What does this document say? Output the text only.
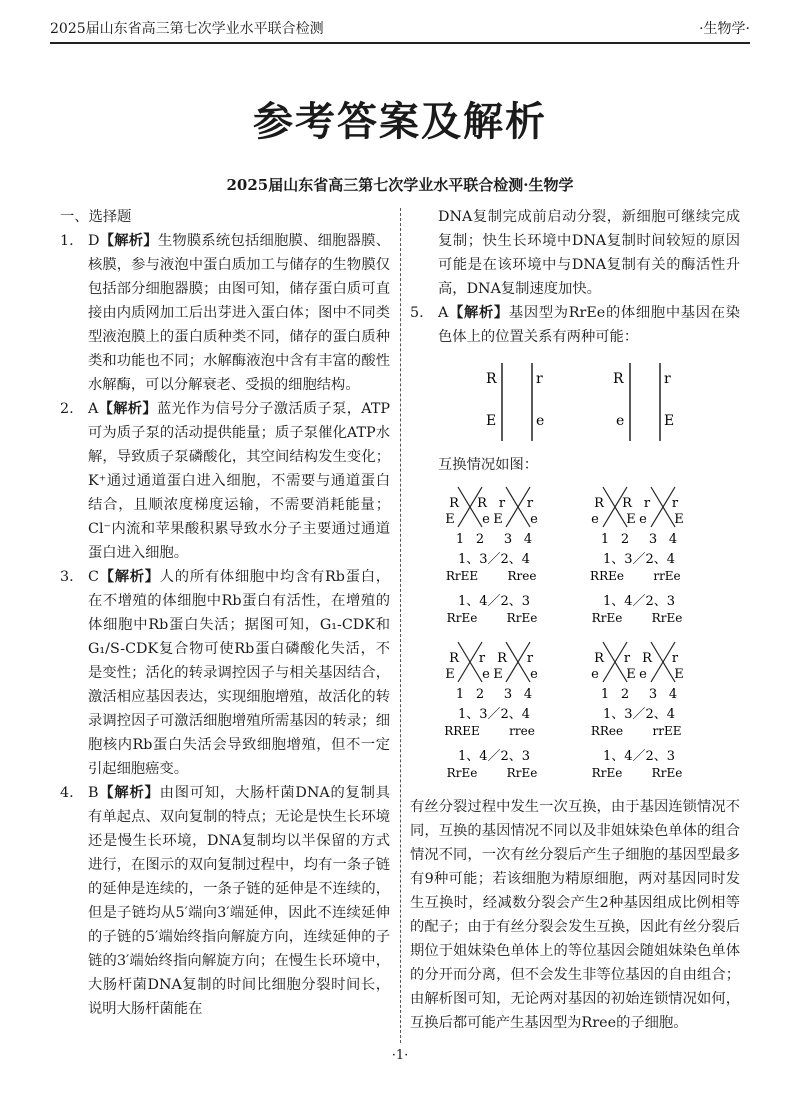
2025届山东省高三第七次学业水平联合检测	·生物学·
参考答案及解析
2025届山东省高三第七次学业水平联合检测·生物学
一、选择题
1.	D【解析】生物膜系统包括细胞膜、细胞器膜、核膜，参与液泡中蛋白质加工与储存的生物膜仅包括部分细胞器膜；由图可知，储存蛋白质可直接由内质网加工后出芽进入蛋白体；图中不同类型液泡膜上的蛋白质种类不同，储存的蛋白质种类和功能也不同；水解酶液泡中含有丰富的酸性水解酶，可以分解衰老、受损的细胞结构。
2.	A【解析】蓝光作为信号分子激活质子泵，ATP可为质子泵的活动提供能量；质子泵催化ATP水解，导致质子泵磷酸化，其空间结构发生变化；K⁺通过通道蛋白进入细胞，不需要与通道蛋白结合，且顺浓度梯度运输，不需要消耗能量；Cl⁻内流和苹果酸积累导致水分子主要通过通道蛋白进入细胞。
3.	C【解析】人的所有体细胞中均含有Rb蛋白，在不增殖的体细胞中Rb蛋白有活性，在增殖的体细胞中Rb蛋白失活；据图可知，G₁-CDK和G₁/S-CDK复合物可使Rb蛋白磷酸化失活，不是变性；活化的转录调控因子与相关基因结合，激活相应基因表达，实现细胞增殖，故活化的转录调控因子可激活细胞增殖所需基因的转录；细胞核内Rb蛋白失活会导致细胞增殖，但不一定引起细胞癌变。
4.	B【解析】由图可知，大肠杆菌DNA的复制具有单起点、双向复制的特点；无论是快生长环境还是慢生长环境，DNA复制均以半保留的方式进行，在图示的双向复制过程中，均有一条子链的延伸是连续的，一条子链的延伸是不连续的，但是子链均从5′端向3′端延伸，因此不连续延伸的子链的5′端始终指向解旋方向，连续延伸的子链的3′端始终指向解旋方向；在慢生长环境中，大肠杆菌DNA复制的时间比细胞分裂时间长，说明大肠杆菌能在
DNA复制完成前启动分裂，新细胞可继续完成复制；快生长环境中DNA复制时间较短的原因可能是在该环境中与DNA复制有关的酶活性升高，DNA复制速度加快。
5.	A【解析】基因型为RrEe的体细胞中基因在染色体上的位置关系有两种可能：
R
E
r
e
R
e
r
E
互换情况如图：
R R r r
E e E e
1 2 3 4
1、3／2、4
RrEE Rree
1、4／2、3
RrEe RrEe
R R r r
e E e E
1 2 3 4
1、3／2、4
RREe rrEe
1、4／2、3
RrEe RrEe
R r R r
E e E e
1 2 3 4
1、3／2、4
RREE rree
1、4／2、3
RrEe RrEe
R r R r
e E e E
1 2 3 4
1、3／2、4
RRee rrEE
1、4／2、3
RrEe RrEe
有丝分裂过程中发生一次互换，由于基因连锁情况不同，互换的基因情况不同以及非姐妹染色单体的组合情况不同，一次有丝分裂后产生子细胞的基因型最多有9种可能；若该细胞为精原细胞，两对基因同时发生互换时，经减数分裂会产生2种基因组成比例相等的配子；由于有丝分裂会发生互换，因此有丝分裂后期位于姐妹染色单体上的等位基因会随姐妹染色单体的分开而分离，但不会发生非等位基因的自由组合；由解析图可知，无论两对基因的初始连锁情况如何，互换后都可能产生基因型为Rree的子细胞。
·1·
